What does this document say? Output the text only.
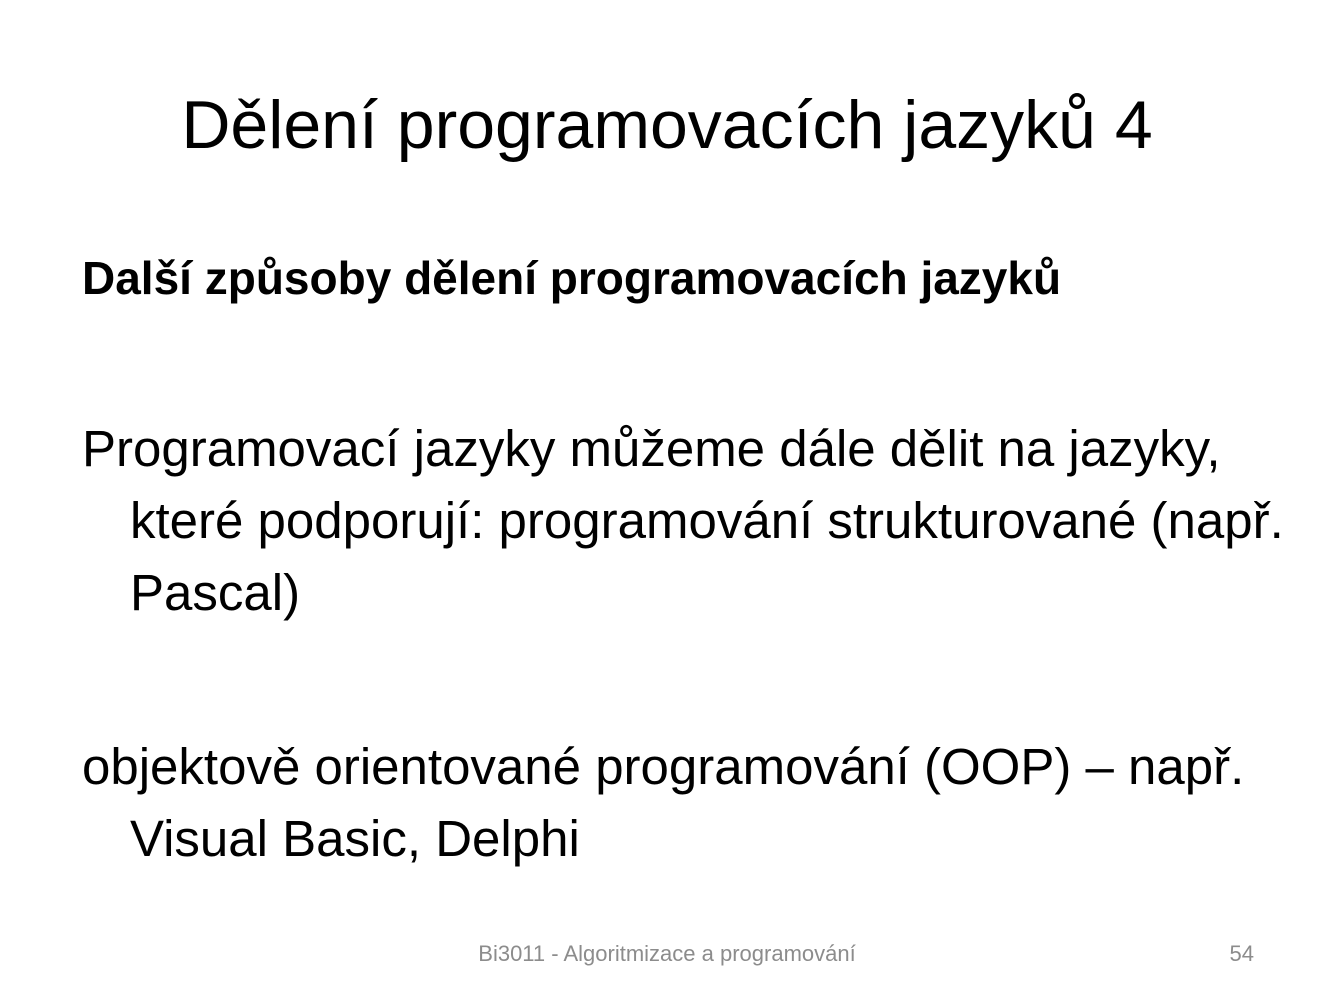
Dělení programovacích jazyků 4
Další způsoby dělení programovacích jazyků
Programovací jazyky můžeme dále dělit na jazyky, které podporují: programování strukturované (např. Pascal)
objektově orientované programování (OOP) – např. Visual Basic, Delphi
Bi3011 - Algoritmizace a programování	54
